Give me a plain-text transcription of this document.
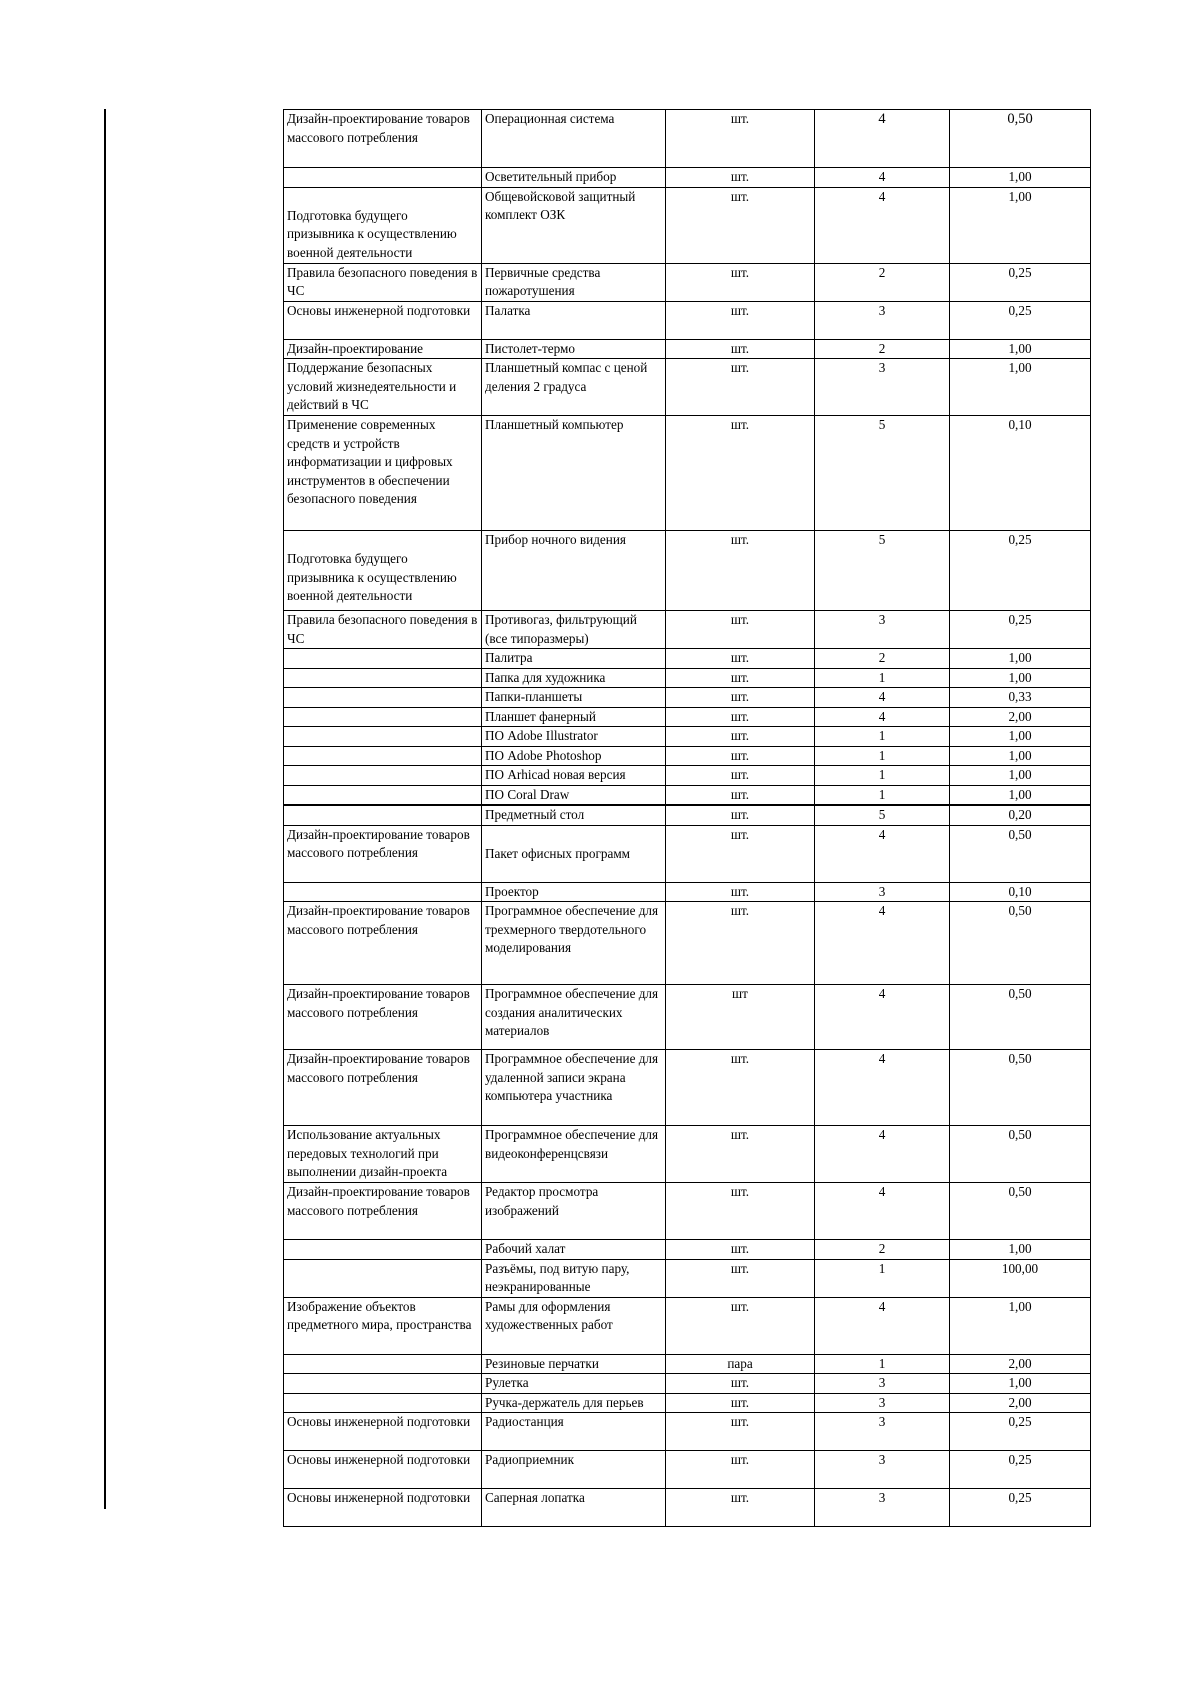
Дизайн-проектирование товаров массового потребления	Операционная система	шт.	4	0,50
	Осветительный прибор	шт.	4	1,00
Подготовка будущего призывника к осуществлению военной деятельности	Общевойсковой защитный комплект ОЗК	шт.	4	1,00
Правила безопасного поведения в ЧС	Первичные средства пожаротушения	шт.	2	0,25
Основы инженерной подготовки	Палатка	шт.	3	0,25
Дизайн-проектирование	Пистолет-термо	шт.	2	1,00
Поддержание безопасных условий жизнедеятельности и действий в ЧС	Планшетный компас с ценой деления 2 градуса	шт.	3	1,00
Применение современных средств и устройств информатизации и цифровых инструментов в обеспечении безопасного поведения	Планшетный компьютер	шт.	5	0,10
Подготовка будущего призывника к осуществлению военной деятельности	Прибор ночного видения	шт.	5	0,25
Правила безопасного поведения в ЧС	Противогаз, фильтрующий (все типоразмеры)	шт.	3	0,25
	Палитра	шт.	2	1,00
	Папка для художника	шт.	1	1,00
	Папки-планшеты	шт.	4	0,33
	Планшет фанерный	шт.	4	2,00
	ПО Adobe Illustrator	шт.	1	1,00
	ПО Adobe Photoshop	шт.	1	1,00
	ПО Arhicad новая версия	шт.	1	1,00
	ПО Coral Draw	шт.	1	1,00
	Предметный стол	шт.	5	0,20
Дизайн-проектирование товаров массового потребления	Пакет офисных программ	шт.	4	0,50
	Проектор	шт.	3	0,10
Дизайн-проектирование товаров массового потребления	Программное обеспечение для трехмерного твердотельного моделирования	шт.	4	0,50
Дизайн-проектирование товаров массового потребления	Программное обеспечение для создания аналитических материалов	шт	4	0,50
Дизайн-проектирование товаров массового потребления	Программное обеспечение для удаленной записи экрана компьютера участника	шт.	4	0,50
Использование актуальных передовых технологий при выполнении дизайн-проекта	Программное обеспечение для видеоконференцсвязи	шт.	4	0,50
Дизайн-проектирование товаров массового потребления	Редактор просмотра изображений	шт.	4	0,50
	Рабочий халат	шт.	2	1,00
	Разъёмы, под витую пару, неэкранированные	шт.	1	100,00
Изображение объектов предметного мира, пространства	Рамы для оформления художественных работ	шт.	4	1,00
	Резиновые перчатки	пара	1	2,00
	Рулетка	шт.	3	1,00
	Ручка-держатель для перьев	шт.	3	2,00
Основы инженерной подготовки	Радиостанция	шт.	3	0,25
Основы инженерной подготовки	Радиоприемник	шт.	3	0,25
Основы инженерной подготовки	Саперная лопатка	шт.	3	0,25
